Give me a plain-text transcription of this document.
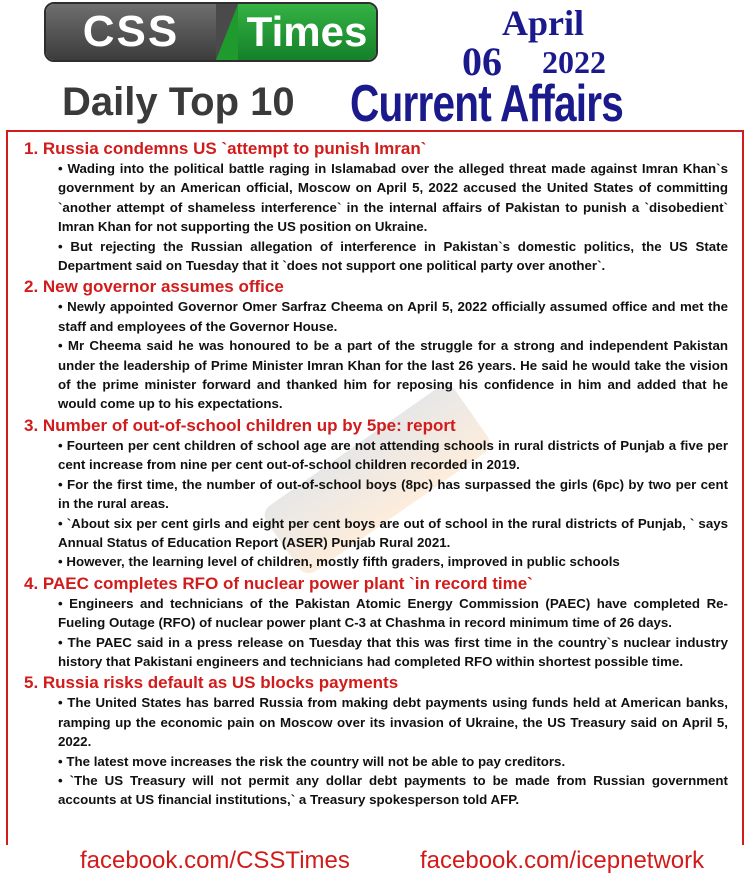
CSS	Times	April
06 2022
Daily Top 10 Current Affairs
1. Russia condemns US `attempt to punish Imran`
• Wading into the political battle raging in Islamabad over the alleged threat made against Imran Khan`s government by an American official, Moscow on April 5, 2022 accused the United States of committing `another attempt of shameless interference` in the internal affairs of Pakistan to punish a `disobedient` Imran Khan for not supporting the US position on Ukraine.
• But rejecting the Russian allegation of interference in Pakistan`s domestic politics, the US State Department said on Tuesday that it `does not support one political party over another`.
2. New governor assumes office
• Newly appointed Governor Omer Sarfraz Cheema on April 5, 2022 officially assumed office and met the staff and employees of the Governor House.
• Mr Cheema said he was honoured to be a part of the struggle for a strong and independent Pakistan under the leadership of Prime Minister Imran Khan for the last 26 years. He said he would take the vision of the prime minister forward and thanked him for reposing his confidence in him and added that he would come up to his expectations.
3. Number of out-of-school children up by 5pe: report
• Fourteen per cent children of school age are not attending schools in rural districts of Punjab a five per cent increase from nine per cent out-of-school children recorded in 2019.
• For the first time, the number of out-of-school boys (8pc) has surpassed the girls (6pc) by two per cent in the rural areas.
• `About six per cent girls and eight per cent boys are out of school in the rural districts of Punjab, ` says Annual Status of Education Report (ASER) Punjab Rural 2021.
• However, the learning level of children, mostly fifth graders, improved in public schools
4. PAEC completes RFO of nuclear power plant `in record time`
• Engineers and technicians of the Pakistan Atomic Energy Commission (PAEC) have completed Re-Fueling Outage (RFO) of nuclear power plant C-3 at Chashma in record minimum time of 26 days.
• The PAEC said in a press release on Tuesday that this was first time in the country`s nuclear industry history that Pakistani engineers and technicians had completed RFO within shortest possible time.
5. Russia risks default as US blocks payments
• The United States has barred Russia from making debt payments using funds held at American banks, ramping up the economic pain on Moscow over its invasion of Ukraine, the US Treasury said on April 5, 2022.
• The latest move increases the risk the country will not be able to pay creditors.
• `The US Treasury will not permit any dollar debt payments to be made from Russian government accounts at US financial institutions,` a Treasury spokesperson told AFP.
facebook.com/CSSTimes	facebook.com/icepnetwork
